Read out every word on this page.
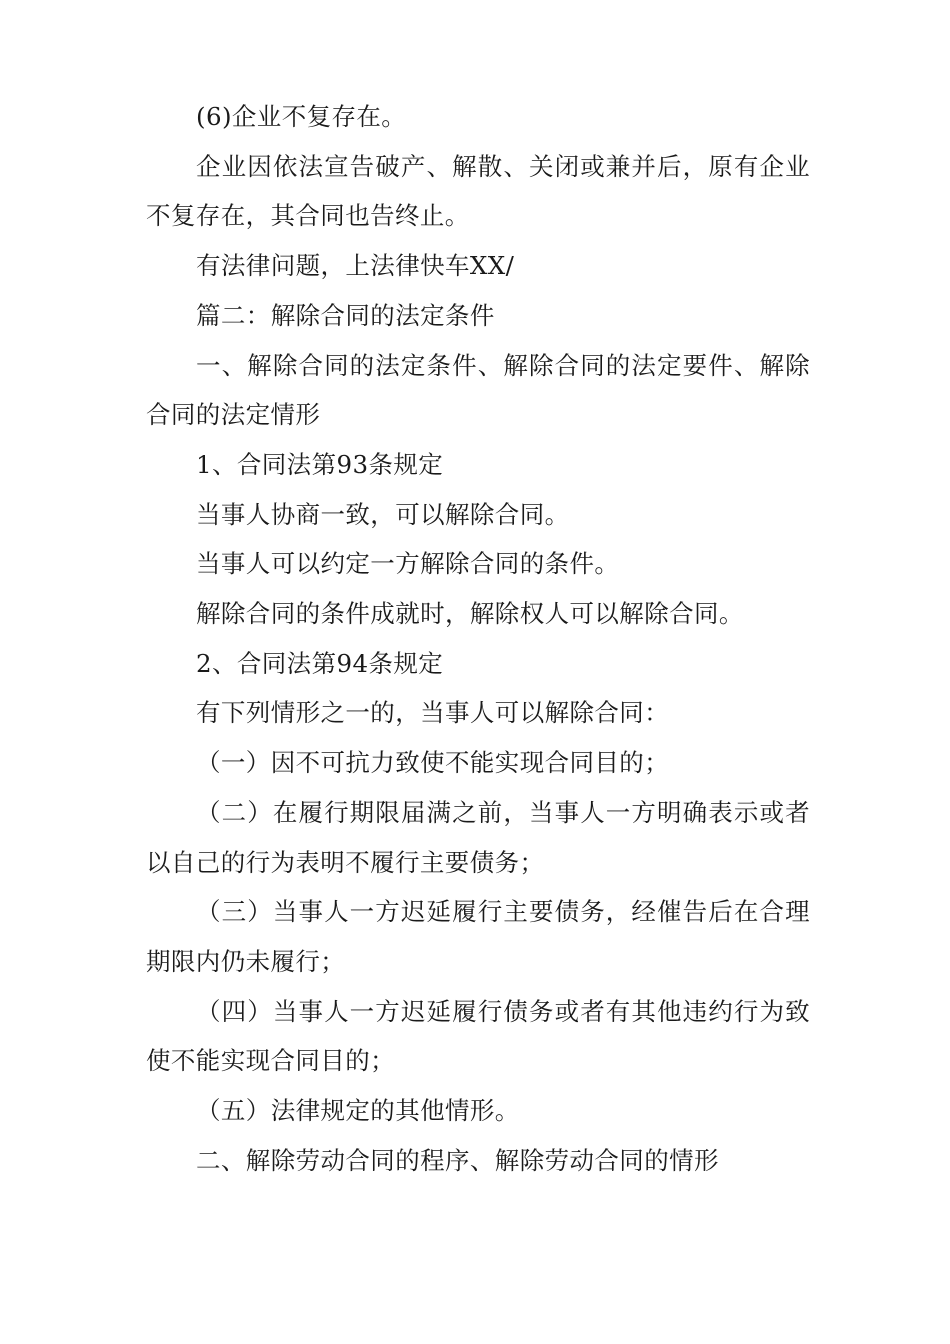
(6)企业不复存在。

企业因依法宣告破产、解散、关闭或兼并后，原有企业不复存在，其合同也告终止。

有法律问题，上法律快车XX/

篇二：解除合同的法定条件

一、解除合同的法定条件、解除合同的法定要件、解除合同的法定情形

1、合同法第93条规定

当事人协商一致，可以解除合同。

当事人可以约定一方解除合同的条件。

解除合同的条件成就时，解除权人可以解除合同。

2、合同法第94条规定

有下列情形之一的，当事人可以解除合同：

（一）因不可抗力致使不能实现合同目的；

（二）在履行期限届满之前，当事人一方明确表示或者以自己的行为表明不履行主要债务；

（三）当事人一方迟延履行主要债务，经催告后在合理期限内仍未履行；

（四）当事人一方迟延履行债务或者有其他违约行为致使不能实现合同目的；

（五）法律规定的其他情形。

二、解除劳动合同的程序、解除劳动合同的情形
